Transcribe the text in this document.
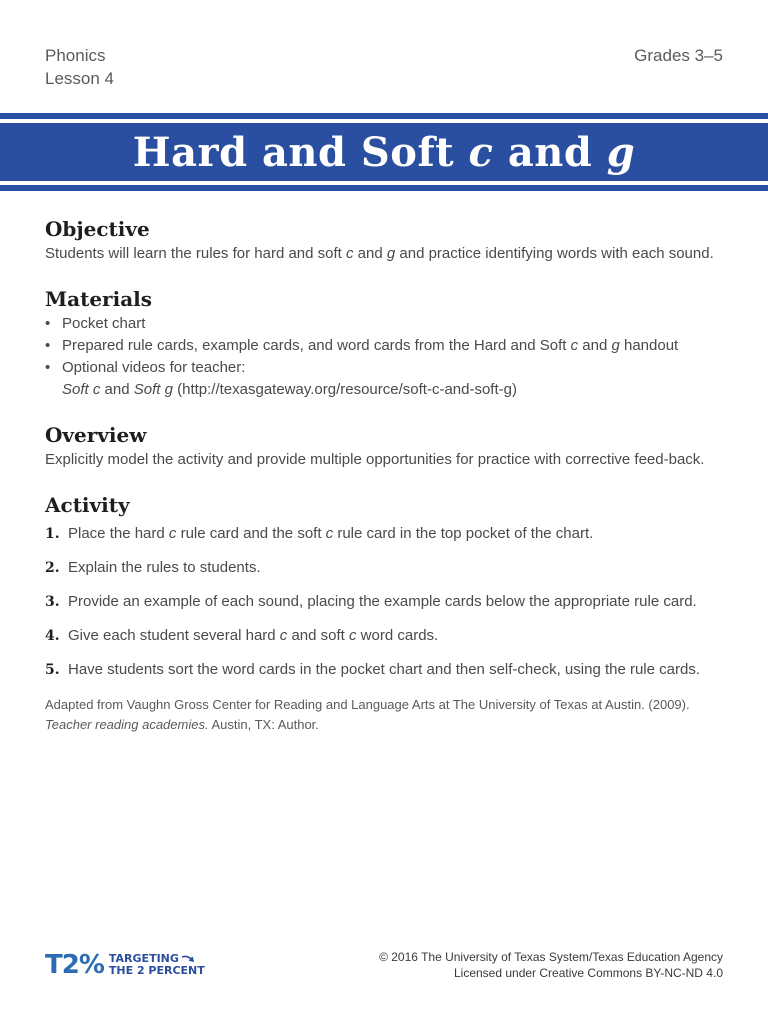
Phonics
Lesson 4
Grades 3–5
Hard and Soft c and g
Objective

Students will learn the rules for hard and soft c and g and practice identifying words with each sound.

Materials
• Pocket chart
• Prepared rule cards, example cards, and word cards from the Hard and Soft c and g handout
• Optional videos for teacher:
Soft c and Soft g (http://texasgateway.org/resource/soft-c-and-soft-g)
Overview

Explicitly model the activity and provide multiple opportunities for practice with corrective feed-back.

Activity
1. Place the hard c rule card and the soft c rule card in the top pocket of the chart.
2. Explain the rules to students.
3. Provide an example of each sound, placing the example cards below the appropriate rule card.
4. Give each student several hard c and soft c word cards.
5. Have students sort the word cards in the pocket chart and then self-check, using the rule cards.
Adapted from Vaughn Gross Center for Reading and Language Arts at The University of Texas at Austin. (2009).
Teacher reading academies. Austin, TX: Author.
T2% TARGETING
THE 2 PERCENT
© 2016 The University of Texas System/Texas Education Agency
Licensed under Creative Commons BY-NC-ND 4.0
